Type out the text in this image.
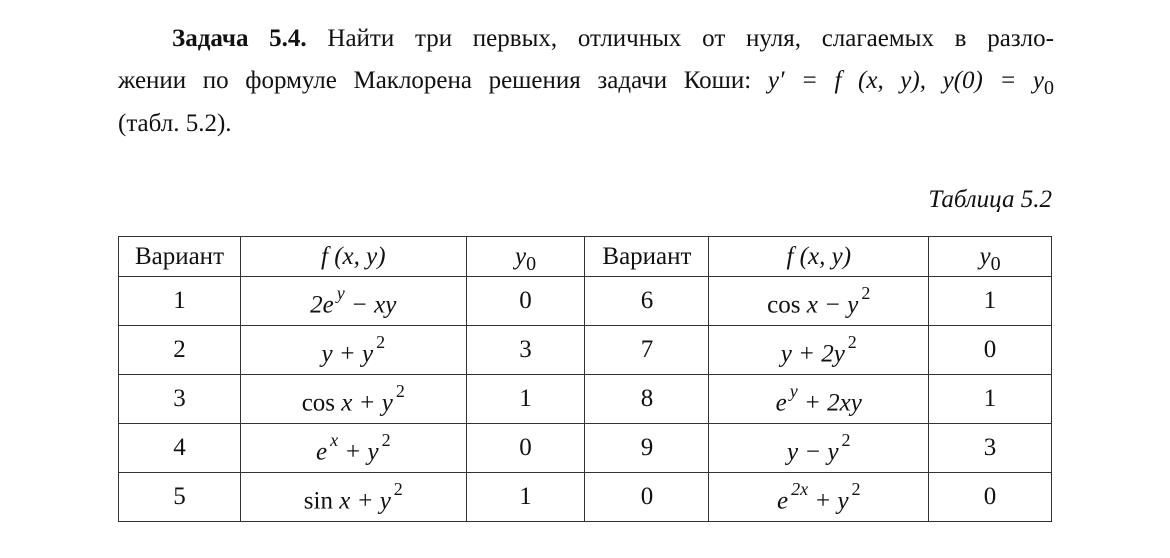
Задача 5.4. Найти три первых, отличных от нуля, слагаемых в разло-
жении по формуле Маклорена решения задачи Коши: y′ = f (x, y), $y(0) = y_0$
(табл. 5.2).
Таблица 5.2
Вариант	f (x, y)	$y_0$	Вариант	f (x, y)	$y_0$
1	2e $^y$ − xy	0	6	cos x − y $^2$	1
2	y + y $^2$	3	7	y + 2y $^2$	0
3	cos x + y $^2$	1	8	e $^y$ + 2xy	1
4	e $^x$ + y $^2$	0	9	y − y $^2$	3
5	sin x + y $^2$	1	0	e $^{2x}$ + y $^2$	0
